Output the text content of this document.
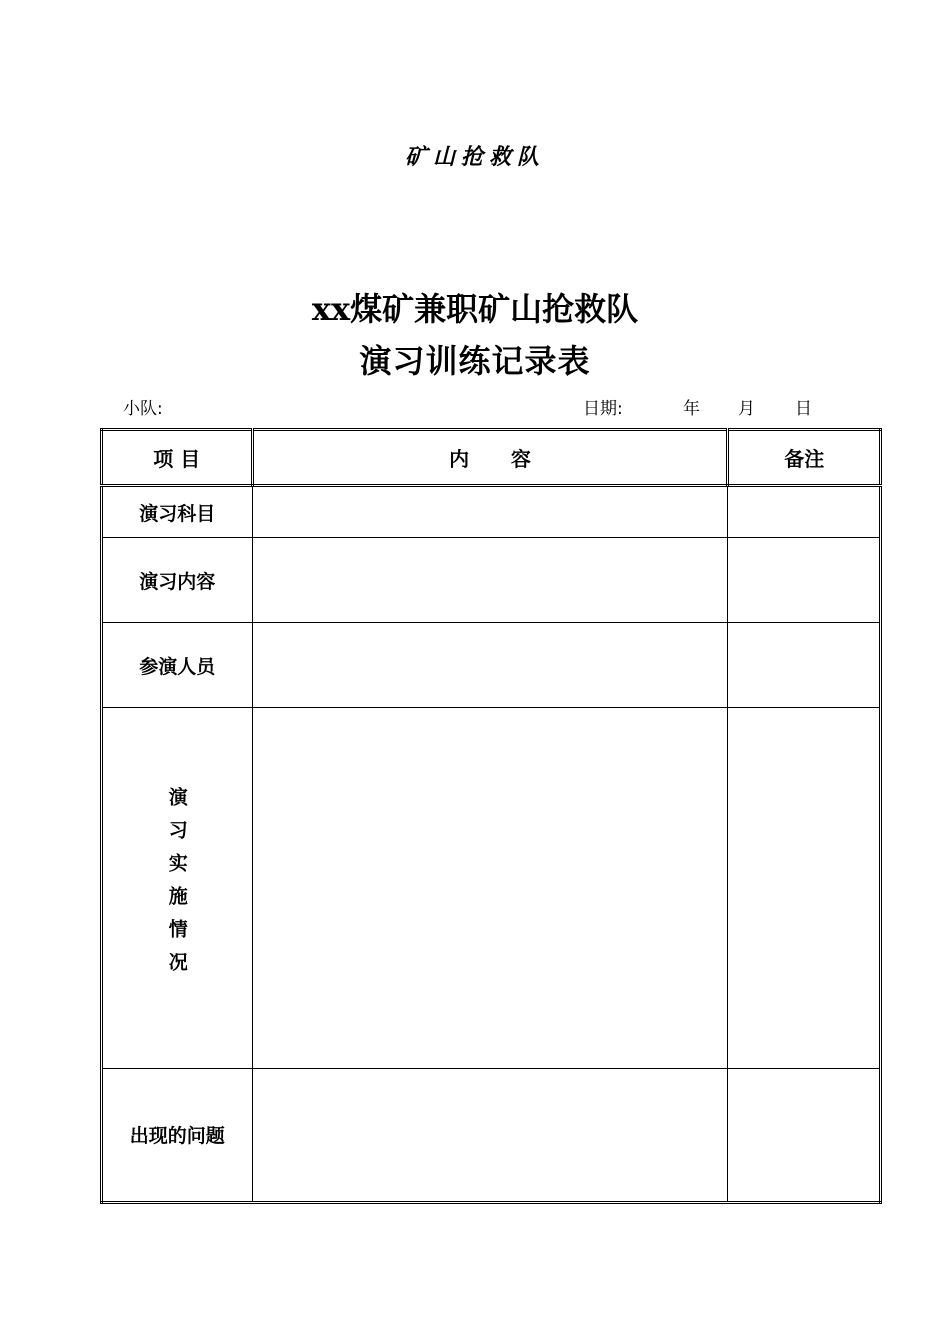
矿山抢救队
xx煤矿兼职矿山抢救队
演习训练记录表
小队:	日期:	年 月 日
项 目	内      容	备注
演习科目		
演习内容		
参演人员		
演习实施情况		
出现的问题		
